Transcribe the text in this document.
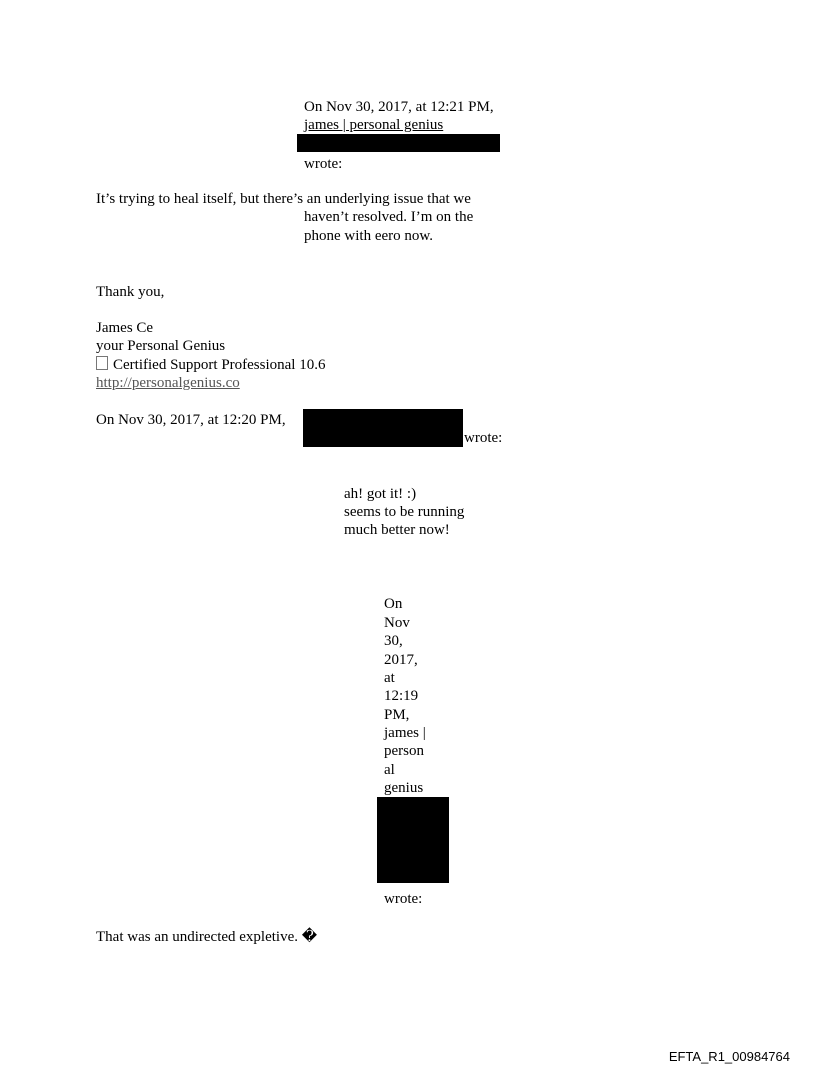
On Nov 30, 2017, at 12:21 PM,
james | personal genius
wrote:
It’s trying to heal itself, but there’s an underlying issue that we
haven’t resolved. I’m on the
phone with eero now.
Thank you,
James Ce
your Personal Genius
Certified Support Professional 10.6
http://personalgenius.co
On Nov 30, 2017, at 12:20 PM,
wrote:
ah! got it! :)
seems to be running
much better now!
On
Nov
30,
2017,
at
12:19
PM,
james |
person
al
genius
wrote:
That was an undirected expletive. �
EFTA_R1_00984764
